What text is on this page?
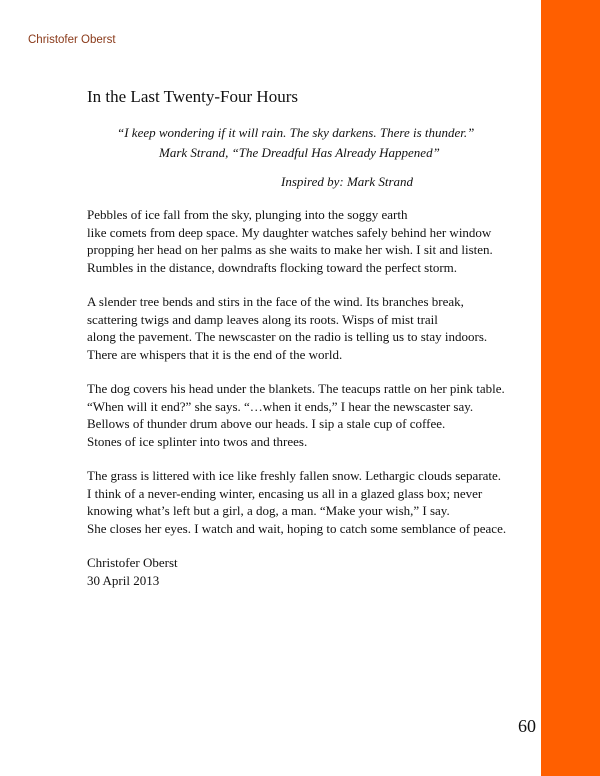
Christofer Oberst

In the Last Twenty-Four Hours

“I keep wondering if it will rain. The sky darkens. There is thunder.”

Mark Strand, “The Dreadful Has Already Happened”

Inspired by: Mark Strand

Pebbles of ice fall from the sky, plunging into the soggy earth
like comets from deep space. My daughter watches safely behind her window
propping her head on her palms as she waits to make her wish. I sit and listen.
Rumbles in the distance, downdrafts flocking toward the perfect storm.

A slender tree bends and stirs in the face of the wind. Its branches break,
scattering twigs and damp leaves along its roots. Wisps of mist trail
along the pavement. The newscaster on the radio is telling us to stay indoors.
There are whispers that it is the end of the world.

The dog covers his head under the blankets. The teacups rattle on her pink table.
“When will it end?” she says. “…when it ends,” I hear the newscaster say.
Bellows of thunder drum above our heads. I sip a stale cup of coffee.
Stones of ice splinter into twos and threes.

The grass is littered with ice like freshly fallen snow. Lethargic clouds separate.
I think of a never-ending winter, encasing us all in a glazed glass box; never
knowing what’s left but a girl, a dog, a man. “Make your wish,” I say.
She closes her eyes. I watch and wait, hoping to catch some semblance of peace.

Christofer Oberst
30 April 2013

60
